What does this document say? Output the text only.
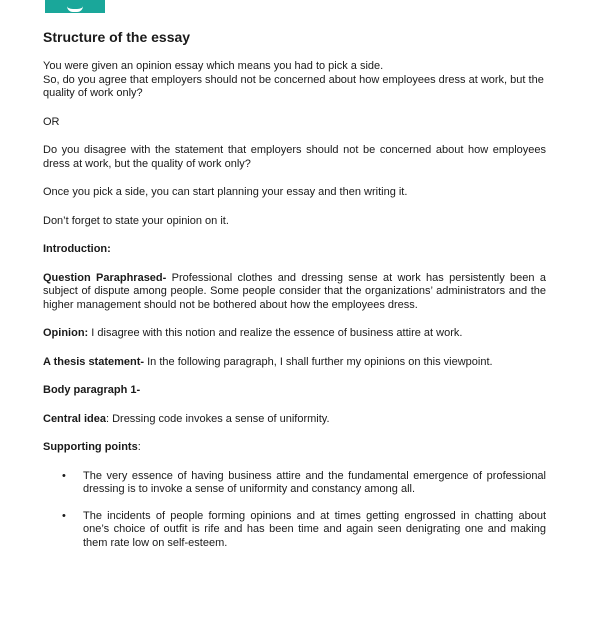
Structure of the essay

You were given an opinion essay which means you had to pick a side.
So, do you agree that employers should not be concerned about how employees dress at work, but the quality of work only?

OR

Do you disagree with the statement that employers should not be concerned about how employees dress at work, but the quality of work only?

Once you pick a side, you can start planning your essay and then writing it.

Don’t forget to state your opinion on it.

Introduction:

Question Paraphrased- Professional clothes and dressing sense at work has persistently been a subject of dispute among people. Some people consider that the organizations’ administrators and the higher management should not be bothered about how the employees dress.

Opinion: I disagree with this notion and realize the essence of business attire at work.

A thesis statement- In the following paragraph, I shall further my opinions on this viewpoint.

Body paragraph 1-

Central idea: Dressing code invokes a sense of uniformity.

Supporting points:

• The very essence of having business attire and the fundamental emergence of professional dressing is to invoke a sense of uniformity and constancy among all.
• The incidents of people forming opinions and at times getting engrossed in chatting about one’s choice of outfit is rife and has been time and again seen denigrating one and making them rate low on self-esteem.
